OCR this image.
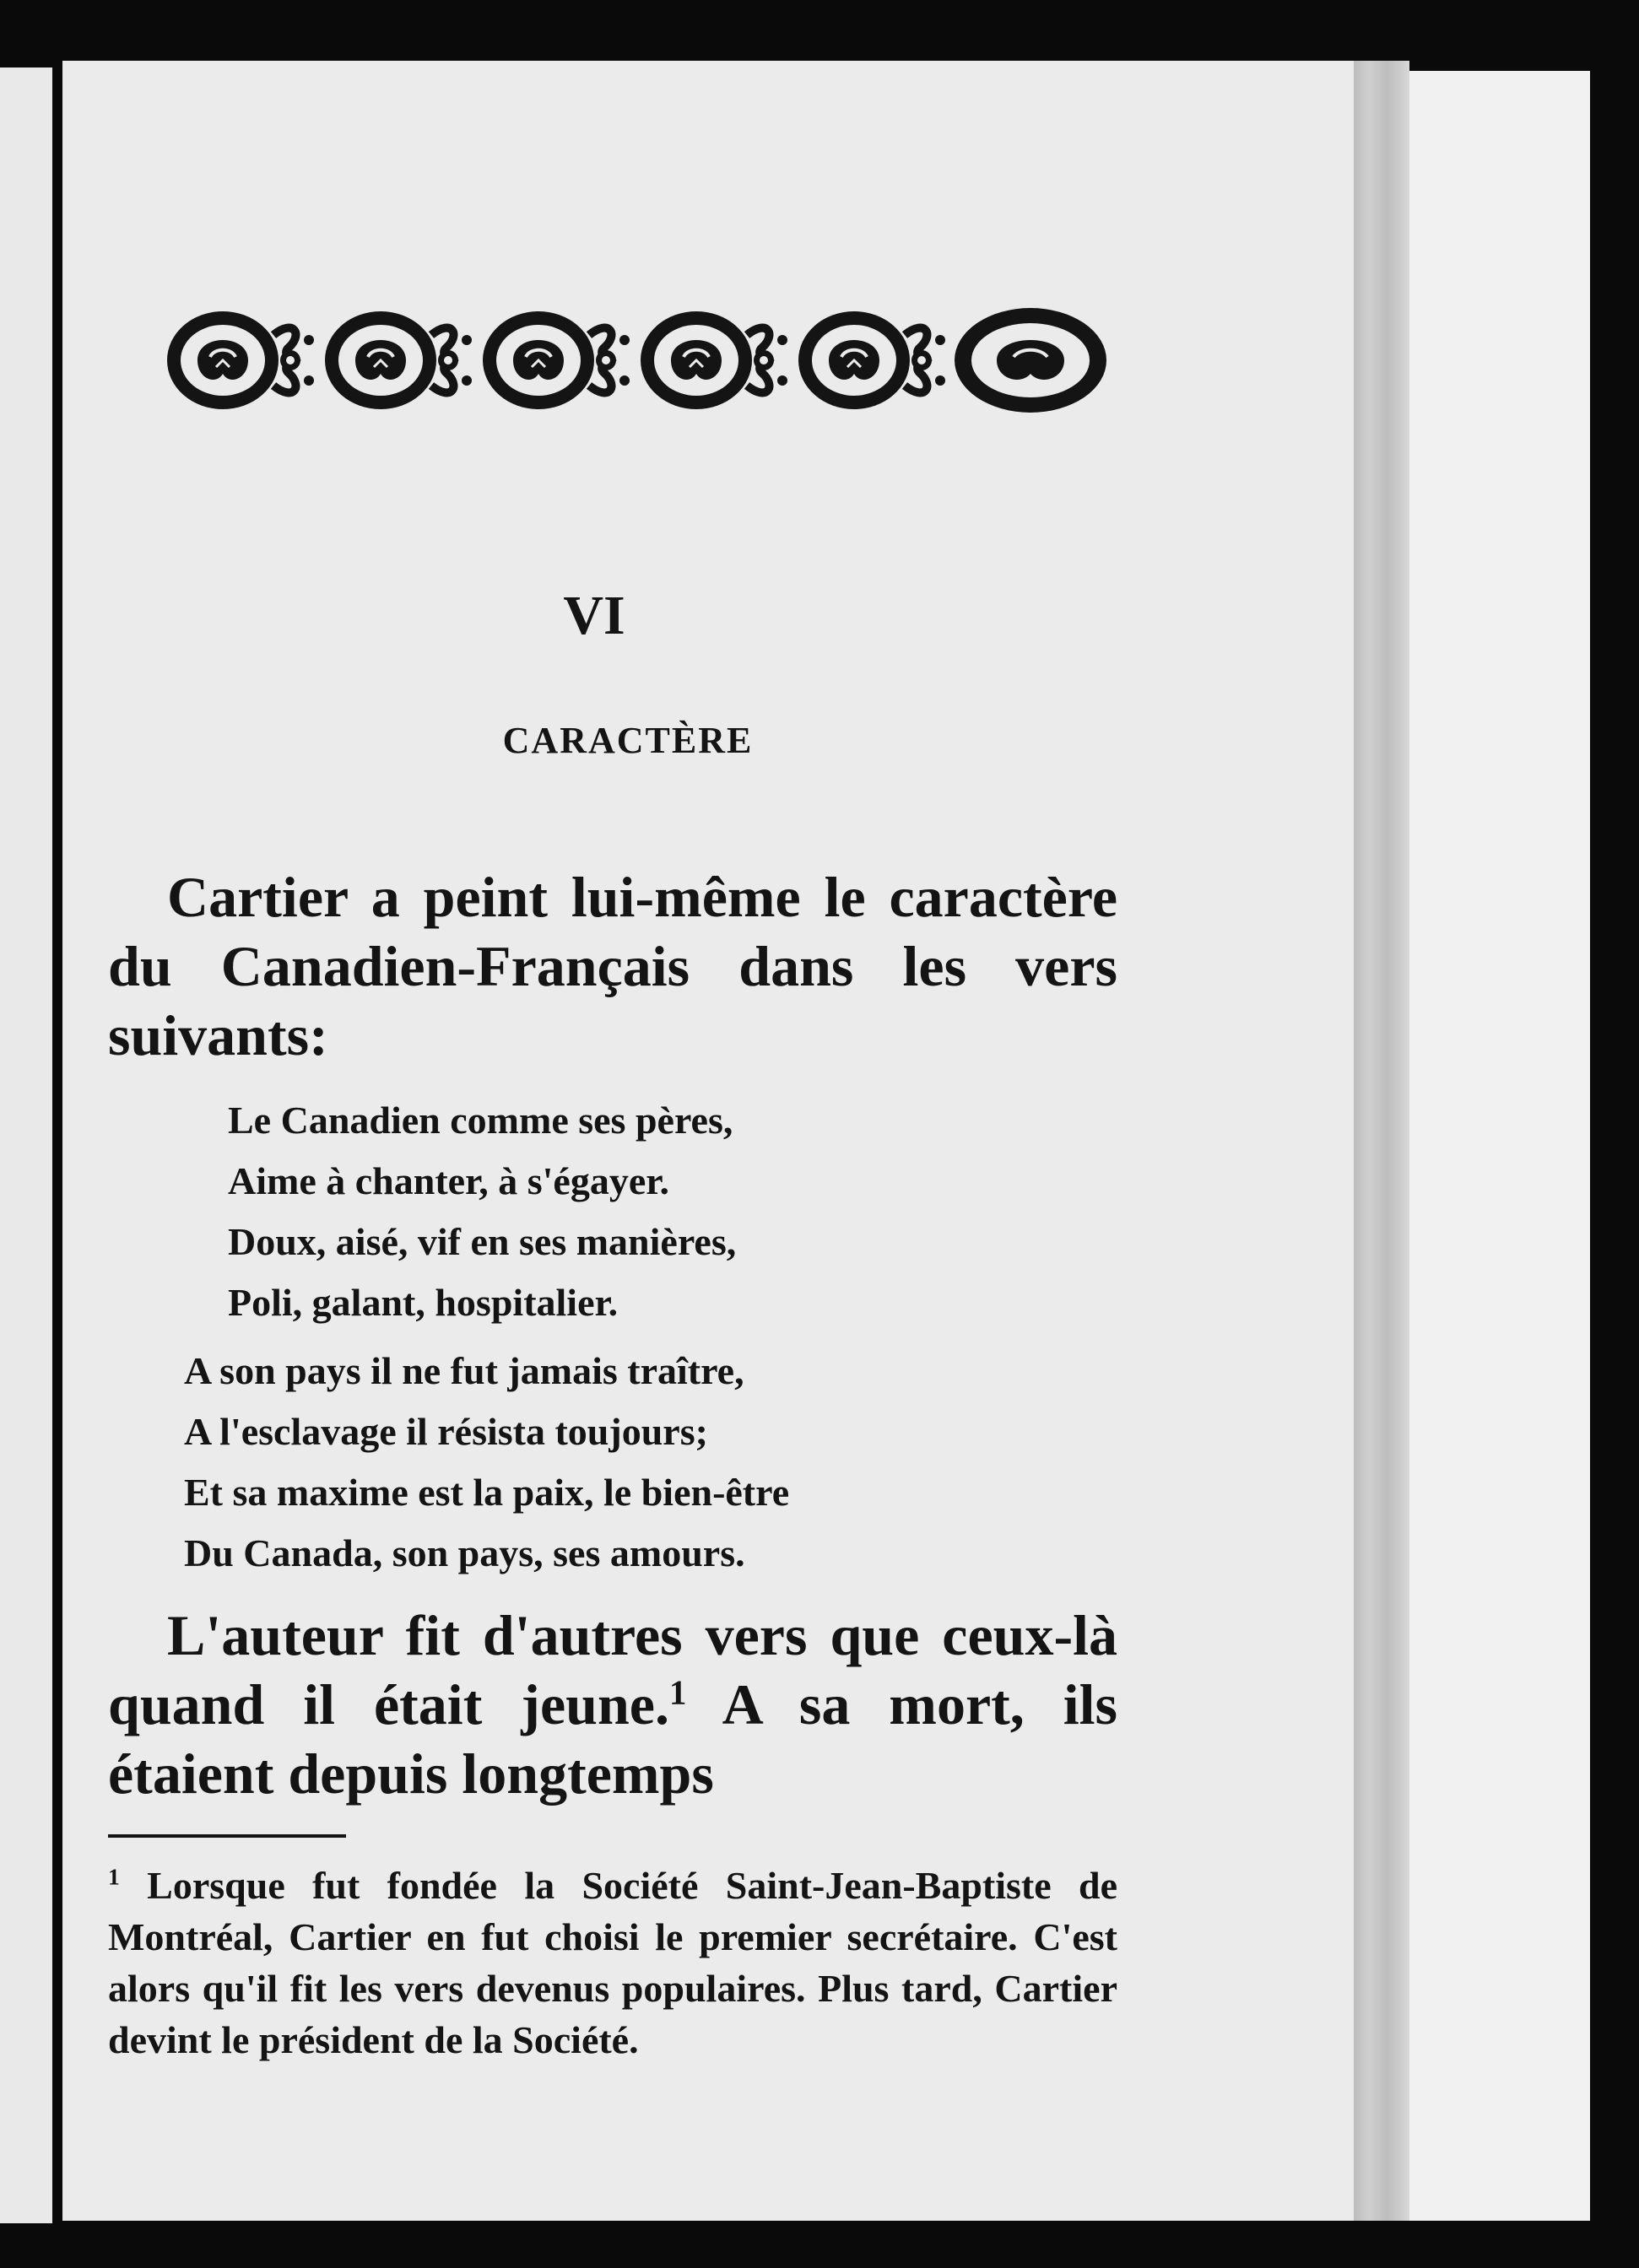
VI
CARACTÈRE
Cartier a peint lui-même le caractère du Canadien-Français dans les vers suivants:
Le Canadien comme ses pères,
Aime à chanter, à s'égayer.
Doux, aisé, vif en ses manières,
Poli, galant, hospitalier.
A son pays il ne fut jamais traître,
A l'esclavage il résista toujours;
Et sa maxime est la paix, le bien-être
Du Canada, son pays, ses amours.
L'auteur fit d'autres vers que ceux-là quand il était jeune.$^1$ A sa mort, ils étaient depuis longtemps
$^1$ Lorsque fut fondée la Société Saint-Jean-Baptiste de Montréal, Cartier en fut choisi le premier secrétaire. C'est alors qu'il fit les vers devenus populaires. Plus tard, Cartier devint le président de la Société.
